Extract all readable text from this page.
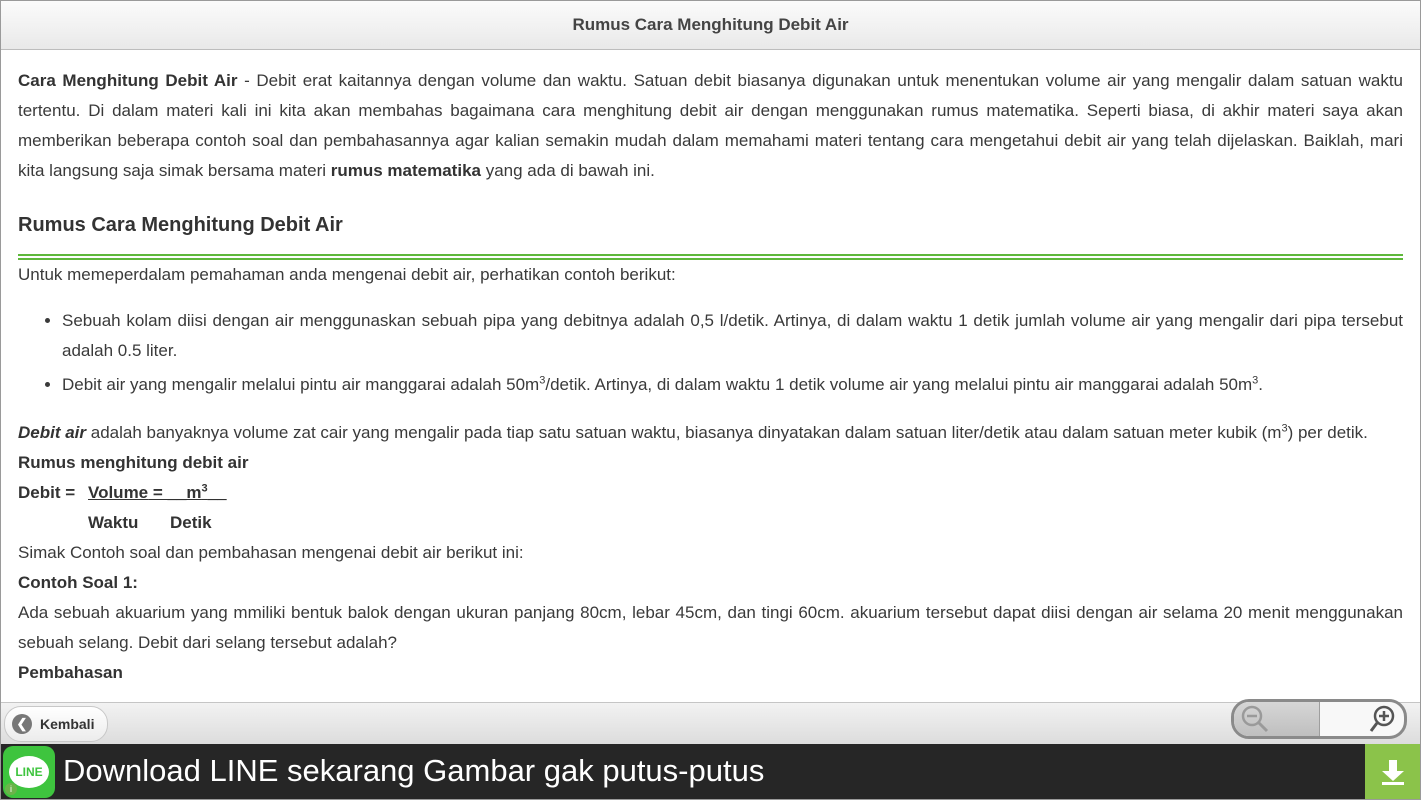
Rumus Cara Menghitung Debit Air

Cara Menghitung Debit Air - Debit erat kaitannya dengan volume dan waktu. Satuan debit biasanya digunakan untuk menentukan volume air yang mengalir dalam satuan waktu tertentu. Di dalam materi kali ini kita akan membahas bagaimana cara menghitung debit air dengan menggunakan rumus matematika. Seperti biasa, di akhir materi saya akan memberikan beberapa contoh soal dan pembahasannya agar kalian semakin mudah dalam memahami materi tentang cara mengetahui debit air yang telah dijelaskan. Baiklah, mari kita langsung saja simak bersama materi rumus matematika yang ada di bawah ini.

Rumus Cara Menghitung Debit Air

Untuk memeperdalam pemahaman anda mengenai debit air, perhatikan contoh berikut:

• Sebuah kolam diisi dengan air menggunaskan sebuah pipa yang debitnya adalah 0,5 l/detik. Artinya, di dalam waktu 1 detik jumlah volume air yang mengalir dari pipa tersebut adalah 0.5 liter.
• Debit air yang mengalir melalui pintu air manggarai adalah $50m^3$/detik. Artinya, di dalam waktu 1 detik volume air yang melalui pintu air manggarai adalah $50m^3$.

Debit air adalah banyaknya volume zat cair yang mengalir pada tiap satu satuan waktu, biasanya dinyatakan dalam satuan liter/detik atau dalam satuan meter kubik $(m^3)$ per detik.

Rumus menghitung debit air

Debit = Volume = $\_\_m^3\_\_$
Waktu	Detik

Simak Contoh soal dan pembahasan mengenai debit air berikut ini:

Contoh Soal 1:

Ada sebuah akuarium yang mmiliki bentuk balok dengan ukuran panjang 80cm, lebar 45cm, dan tingi 60cm. akuarium tersebut dapat diisi dengan air selama 20 menit menggunakan sebuah selang. Debit dari selang tersebut adalah?

Pembahasan

❮ Kembali
LINE
i
Download LINE sekarang Gambar gak putus-putus
